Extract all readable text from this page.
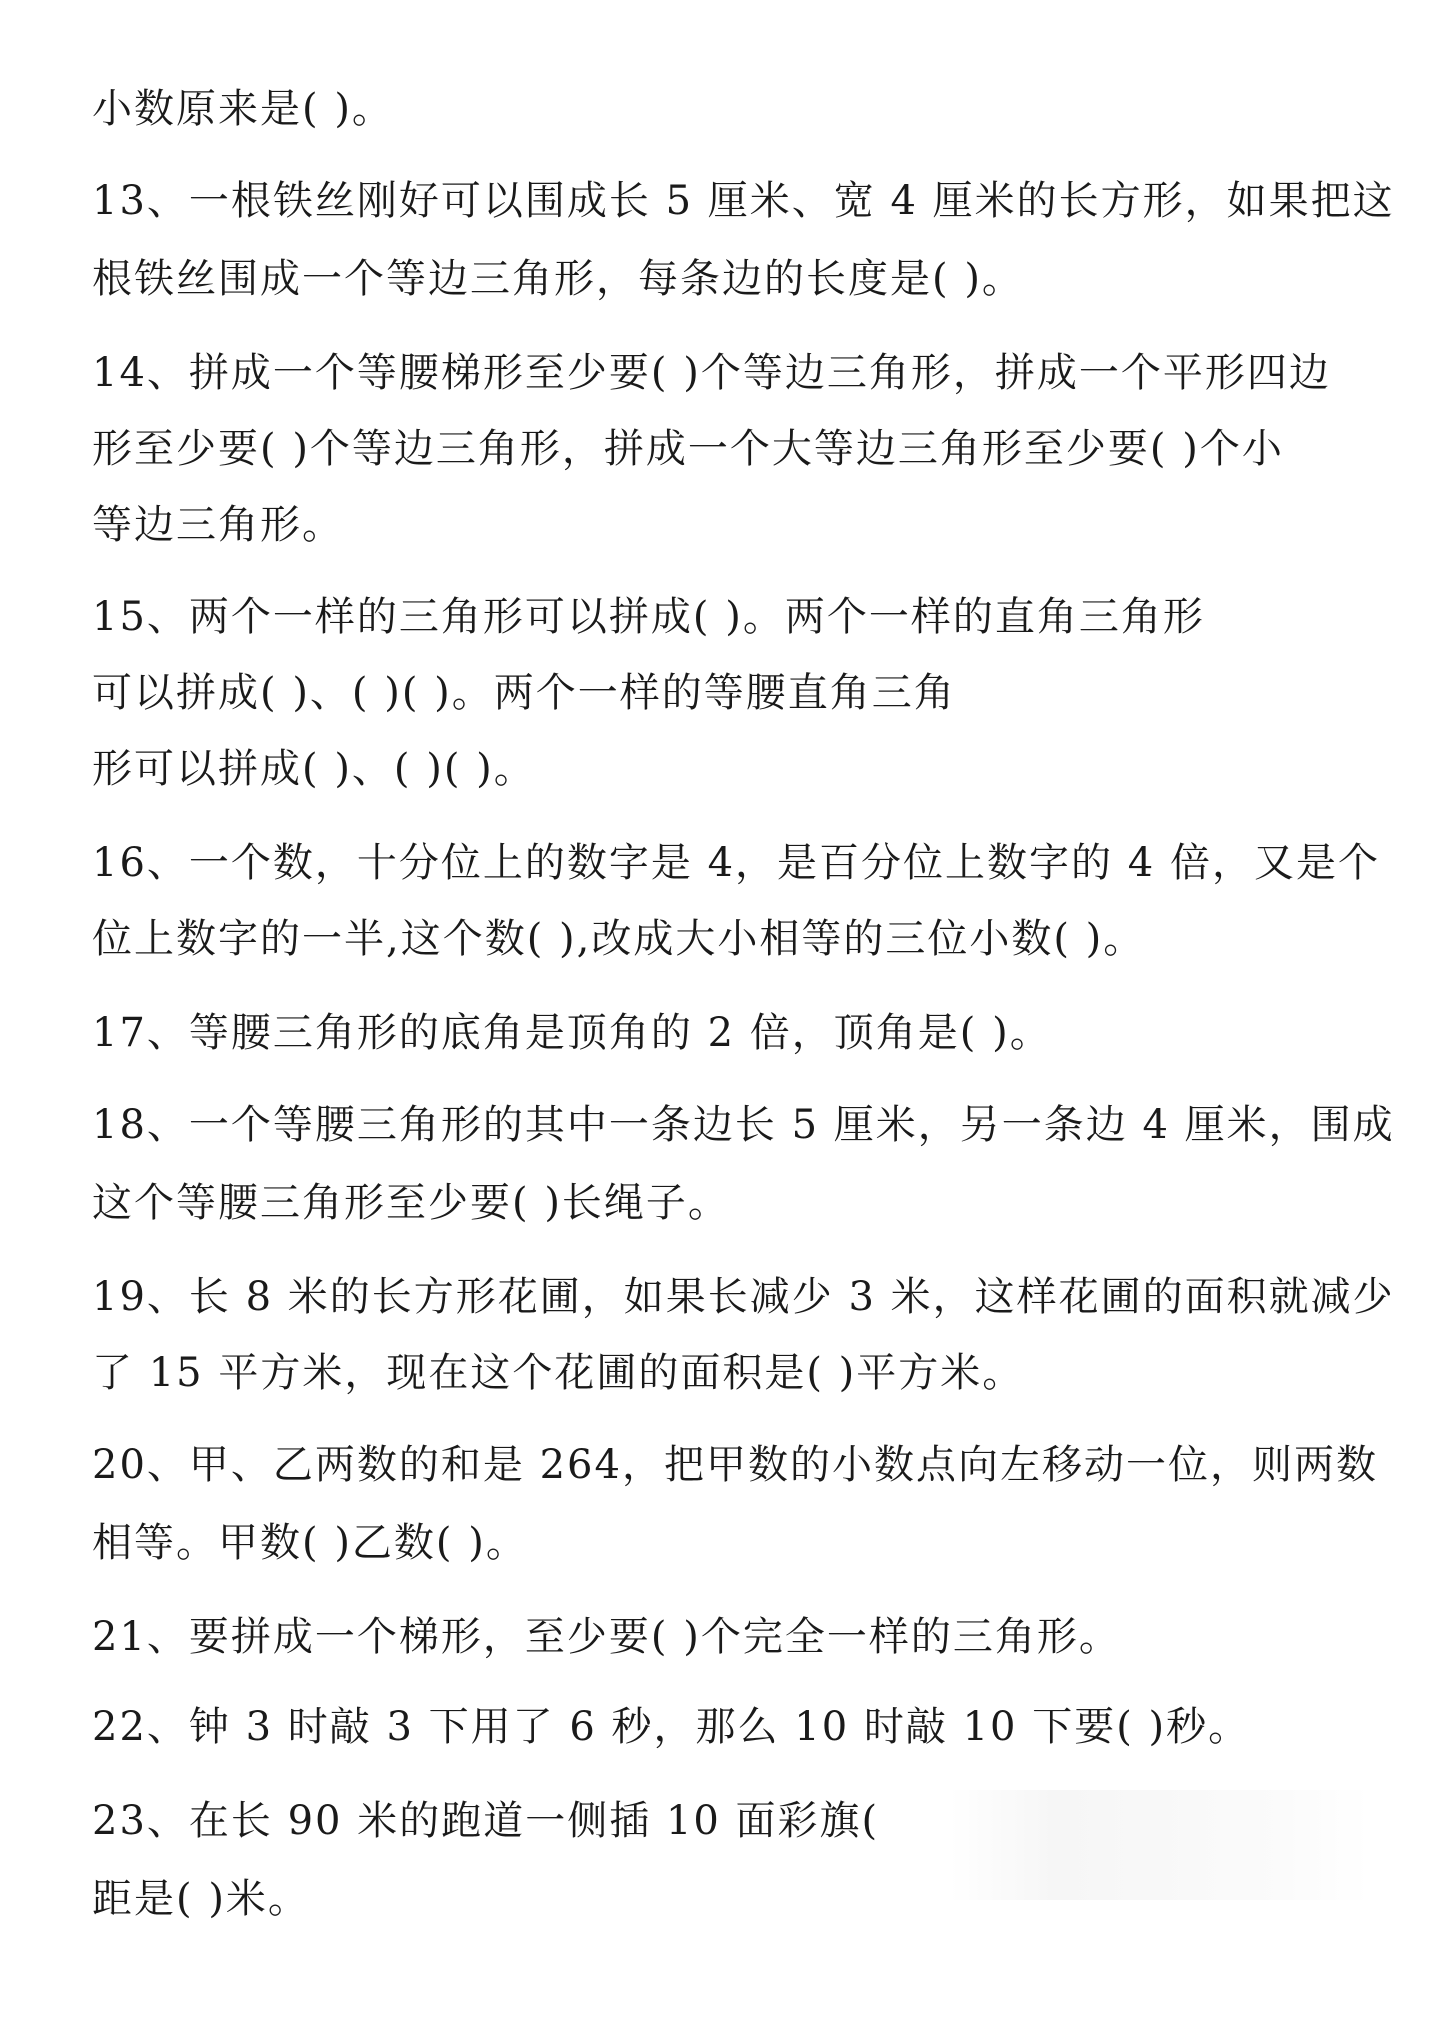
小数原来是( )。
13、一根铁丝刚好可以围成长 5 厘米、宽 4 厘米的长方形，如果把这
根铁丝围成一个等边三角形，每条边的长度是( )。
14、拼成一个等腰梯形至少要( )个等边三角形，拼成一个平形四边
形至少要( )个等边三角形，拼成一个大等边三角形至少要( )个小
等边三角形。
15、两个一样的三角形可以拼成( )。两个一样的直角三角形
可以拼成( )、( )( )。两个一样的等腰直角三角
形可以拼成( )、( )( )。
16、一个数，十分位上的数字是 4，是百分位上数字的 4 倍，又是个
位上数字的一半,这个数( ),改成大小相等的三位小数( )。
17、等腰三角形的底角是顶角的 2 倍，顶角是( )。
18、一个等腰三角形的其中一条边长 5 厘米，另一条边 4 厘米，围成
这个等腰三角形至少要( )长绳子。
19、长 8 米的长方形花圃，如果长减少 3 米，这样花圃的面积就减少
了 15 平方米，现在这个花圃的面积是( )平方米。
20、甲、乙两数的和是 264，把甲数的小数点向左移动一位，则两数
相等。甲数( )乙数( )。
21、要拼成一个梯形，至少要( )个完全一样的三角形。
22、钟 3 时敲 3 下用了 6 秒，那么 10 时敲 10 下要( )秒。
23、在长 90 米的跑道一侧插 10 面彩旗(
距是( )米。
